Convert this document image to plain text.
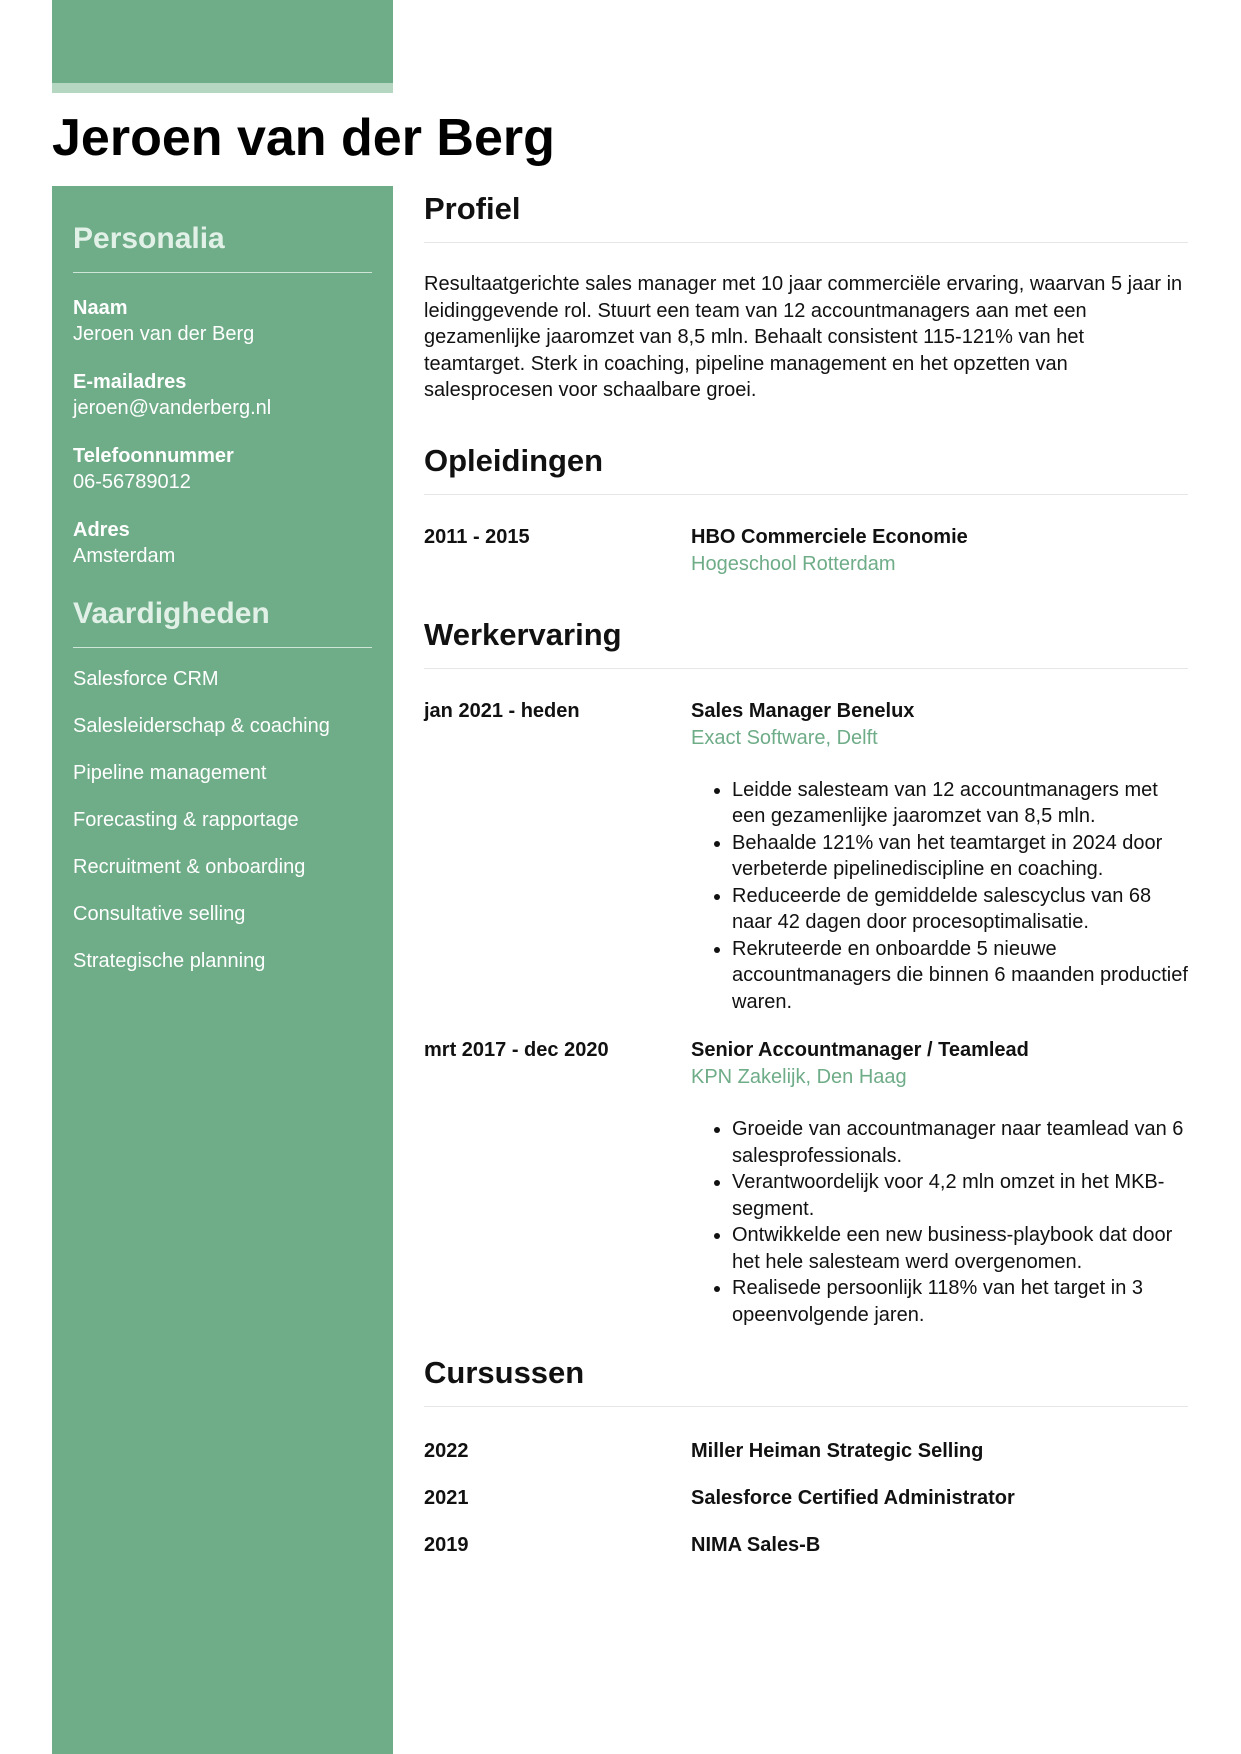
Jeroen van der Berg
Personalia
Naam
Jeroen van der Berg
E-mailadres
jeroen@vanderberg.nl
Telefoonnummer
06-56789012
Adres
Amsterdam
Vaardigheden
Salesforce CRM
Salesleiderschap & coaching
Pipeline management
Forecasting & rapportage
Recruitment & onboarding
Consultative selling
Strategische planning
Profiel

Resultaatgerichte sales manager met 10 jaar commerciële ervaring, waarvan 5 jaar in leidinggevende rol. Stuurt een team van 12 accountmanagers aan met een gezamenlijke jaaromzet van 8,5 mln. Behaalt consistent 115-121% van het teamtarget. Sterk in coaching, pipeline management en het opzetten van salesprocesen voor schaalbare groei.

Opleidingen
2011 - 2015	HBO Commerciele Economie
Hogeschool Rotterdam
Werkervaring
jan 2021 - heden	Sales Manager Benelux
Exact Software, Delft
• Leidde salesteam van 12 accountmanagers met een gezamenlijke jaaromzet van 8,5 mln.
• Behaalde 121% van het teamtarget in 2024 door verbeterde pipelinediscipline en coaching.
• Reduceerde de gemiddelde salescyclus van 68 naar 42 dagen door procesoptimalisatie.
• Rekruteerde en onboardde 5 nieuwe accountmanagers die binnen 6 maanden productief waren.
mrt 2017 - dec 2020	Senior Accountmanager / Teamlead
KPN Zakelijk, Den Haag
• Groeide van accountmanager naar teamlead van 6 salesprofessionals.
• Verantwoordelijk voor 4,2 mln omzet in het MKB-segment.
• Ontwikkelde een new business-playbook dat door het hele salesteam werd overgenomen.
• Realisede persoonlijk 118% van het target in 3 opeenvolgende jaren.
Cursussen
2022	Miller Heiman Strategic Selling
2021	Salesforce Certified Administrator
2019	NIMA Sales-B
